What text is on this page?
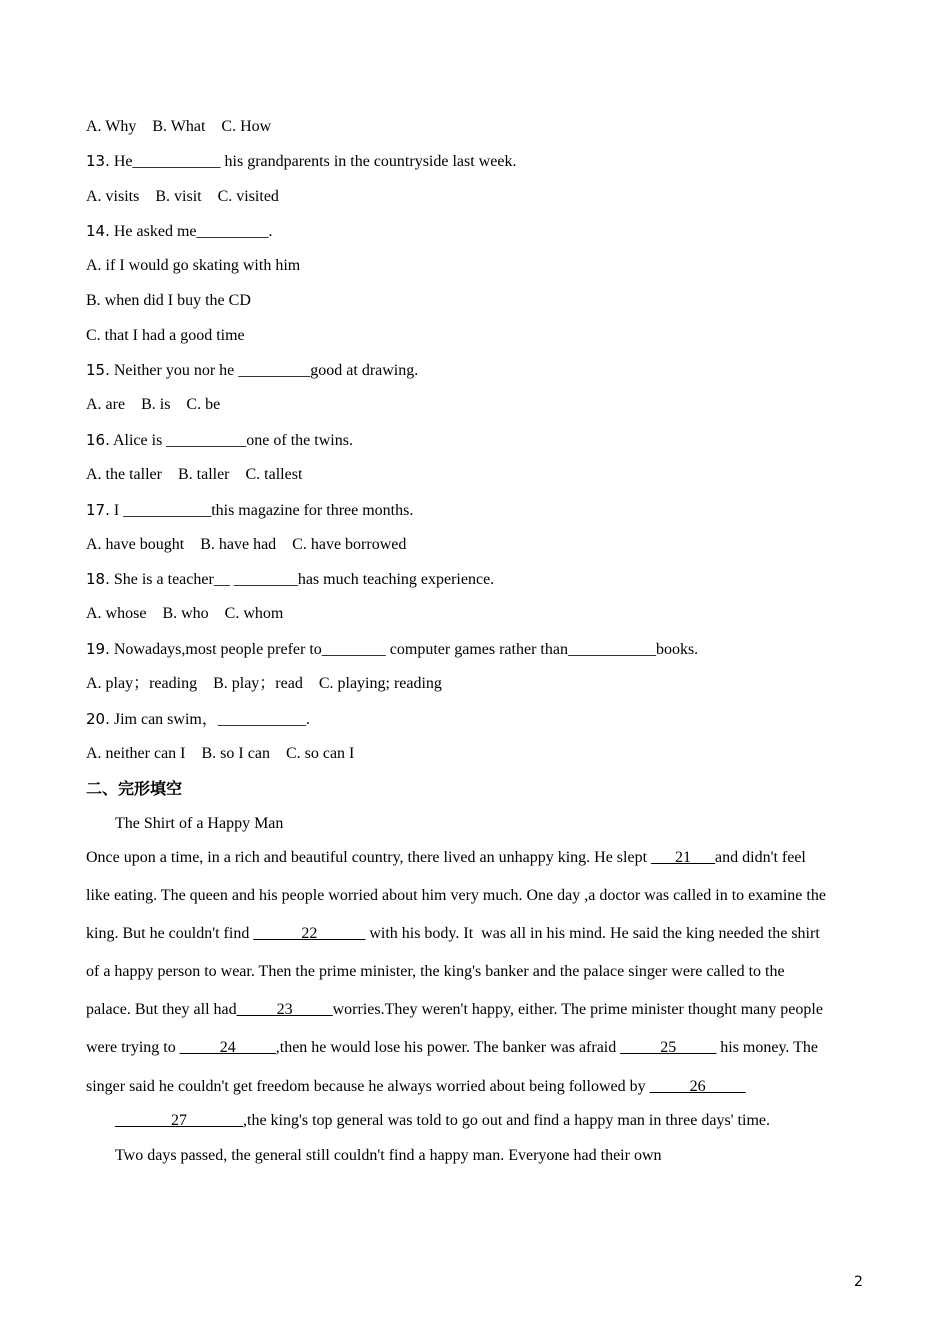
A. Why    B. What    C. How
13. He___________ his grandparents in the countryside last week.
A. visits    B. visit    C. visited
14. He asked me_________.
A. if I would go skating with him
B. when did I buy the CD
C. that I had a good time
15. Neither you nor he _________good at drawing.
A. are    B. is    C. be
16. Alice is __________one of the twins.
A. the taller    B. taller    C. tallest
17. I ___________this magazine for three months.
A. have bought    B. have had    C. have borrowed
18. She is a teacher__ ________has much teaching experience.
A. whose    B. who    C. whom
19. Nowadays,most people prefer to________ computer games rather than___________books.
A. play；reading    B. play；read    C. playing; reading
20. Jim can swim，___________.
A. neither can I    B. so I can    C. so can I
二、完形填空
The Shirt of a Happy Man
Once upon a time, in a rich and beautiful country, there lived an unhappy king. He slept ___21___and didn't feel
like eating. The queen and his people worried about him very much. One day ,a doctor was called in to examine the
king. But he couldn't find ______22______ with his body. It  was all in his mind. He said the king needed the shirt
of a happy person to wear. Then the prime minister, the king's banker and the palace singer were called to the
palace. But they all had_____23_____worries.They weren't happy, either. The prime minister thought many people
were trying to _____24_____,then he would lose his power. The banker was afraid _____25_____ his money. The
singer said he couldn't get freedom because he always worried about being followed by _____26_____
_______27_______,the king's top general was told to go out and find a happy man in three days' time.
Two days passed, the general still couldn't find a happy man. Everyone had their own
2
